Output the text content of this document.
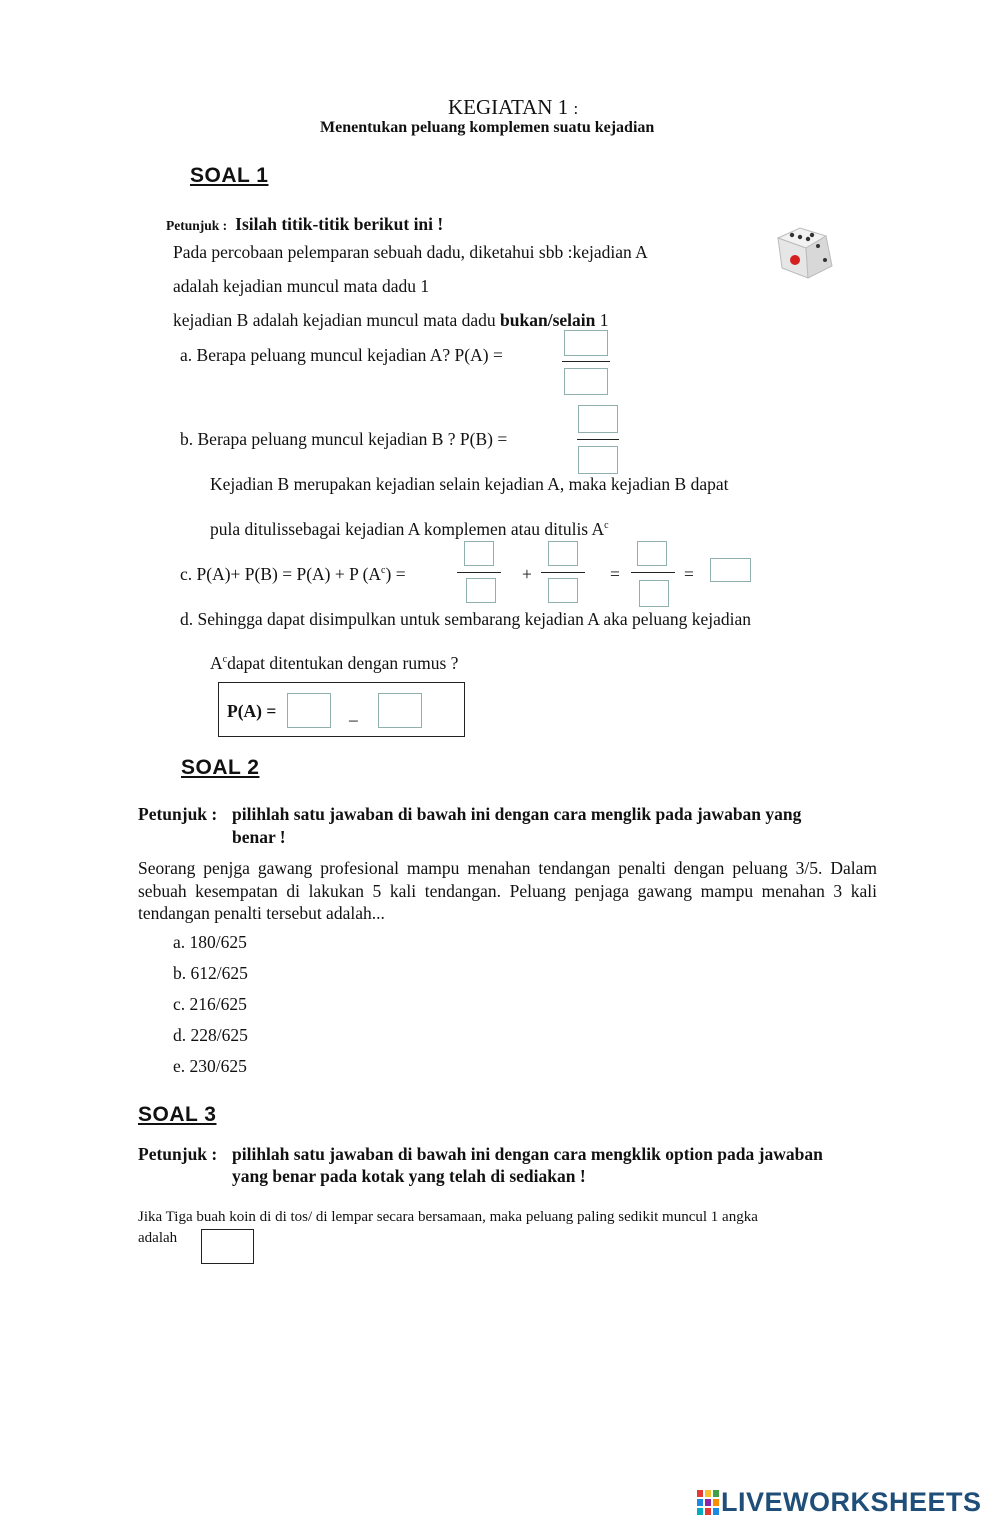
KEGIATAN 1 :
Menentukan peluang komplemen suatu kejadian
SOAL 1
Petunjuk : Isilah titik-titik berikut ini !
Pada percobaan pelemparan sebuah dadu, diketahui sbb :kejadian A
adalah kejadian muncul mata dadu 1
kejadian B adalah kejadian muncul mata dadu bukan/selain 1
a. Berapa peluang muncul kejadian A? P(A) =
b. Berapa peluang muncul kejadian B ? P(B) =
Kejadian B merupakan kejadian selain kejadian A, maka kejadian B dapat
pula ditulissebagai kejadian A komplemen atau ditulis $A^c$
c. P(A)+ P(B) = P(A) + P $(A^c)$ =	+	=	=
d. Sehingga dapat disimpulkan untuk sembarang kejadian A aka peluang kejadian
$A^cdapat$ ditentukan dengan rumus ?
P(A) =	_
SOAL 2
Petunjuk : pilihlah satu jawaban di bawah ini dengan cara menglik pada jawaban yang
benar !
Seorang penjga gawang profesional mampu menahan tendangan penalti dengan peluang 3/5. Dalam sebuah kesempatan di lakukan 5 kali tendangan. Peluang penjaga gawang mampu menahan 3 kali tendangan penalti tersebut adalah...
a. 180/625
b. 612/625
c. 216/625
d. 228/625
e. 230/625
SOAL 3
Petunjuk : pilihlah satu jawaban di bawah ini dengan cara mengklik option pada jawaban
yang benar pada kotak yang telah di sediakan !
Jika Tiga buah koin di di tos/ di lempar secara bersamaan, maka peluang paling sedikit muncul 1 angka
adalah
LIVEWORKSHEETS
